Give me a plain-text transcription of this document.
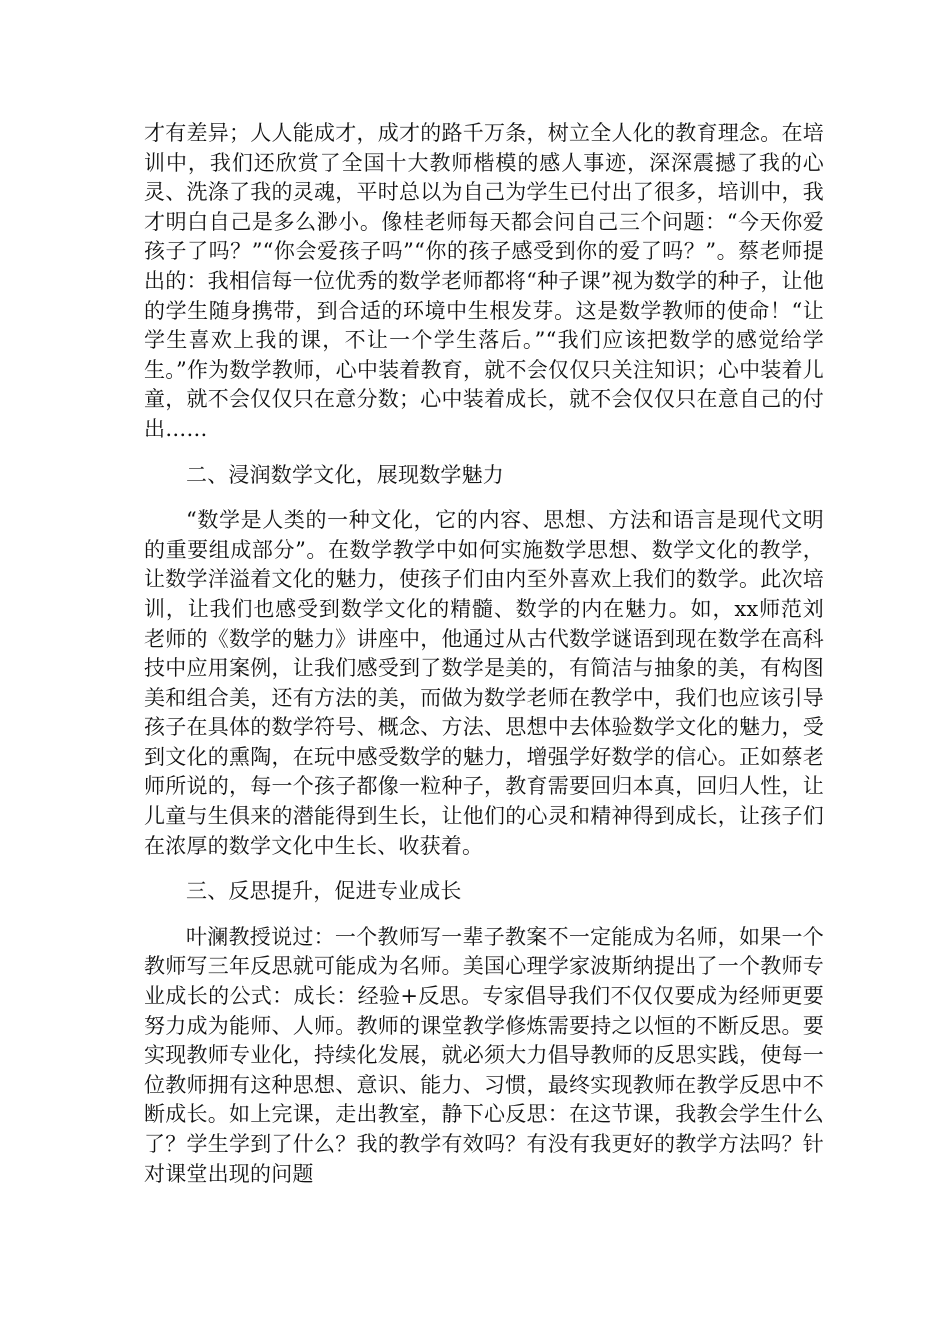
才有差异；人人能成才，成才的路千万条，树立全人化的教育理念。在培训中，我们还欣赏了全国十大教师楷模的感人事迹，深深震撼了我的心灵、洗涤了我的灵魂，平时总以为自己为学生已付出了很多，培训中，我才明白自己是多么渺小。像桂老师每天都会问自己三个问题：“今天你爱孩子了吗？”“你会爱孩子吗”“你的孩子感受到你的爱了吗？”。蔡老师提出的：我相信每一位优秀的数学老师都将“种子课”视为数学的种子，让他的学生随身携带，到合适的环境中生根发芽。这是数学教师的使命！“让学生喜欢上我的课，不让一个学生落后。”“我们应该把数学的感觉给学生。”作为数学教师，心中装着教育，就不会仅仅只关注知识；心中装着儿童，就不会仅仅只在意分数；心中装着成长，就不会仅仅只在意自己的付出……

二、浸润数学文化，展现数学魅力

“数学是人类的一种文化，它的内容、思想、方法和语言是现代文明的重要组成部分”。在数学教学中如何实施数学思想、数学文化的教学，让数学洋溢着文化的魅力，使孩子们由内至外喜欢上我们的数学。此次培训，让我们也感受到数学文化的精髓、数学的内在魅力。如，xx师范刘老师的《数学的魅力》讲座中，他通过从古代数学谜语到现在数学在高科技中应用案例，让我们感受到了数学是美的，有简洁与抽象的美，有构图美和组合美，还有方法的美，而做为数学老师在教学中，我们也应该引导孩子在具体的数学符号、概念、方法、思想中去体验数学文化的魅力，受到文化的熏陶，在玩中感受数学的魅力，增强学好数学的信心。正如蔡老师所说的，每一个孩子都像一粒种子，教育需要回归本真，回归人性，让儿童与生俱来的潜能得到生长，让他们的心灵和精神得到成长，让孩子们在浓厚的数学文化中生长、收获着。

三、反思提升，促进专业成长

叶澜教授说过：一个教师写一辈子教案不一定能成为名师，如果一个教师写三年反思就可能成为名师。美国心理学家波斯纳提出了一个教师专业成长的公式：成长：经验+反思。专家倡导我们不仅仅要成为经师更要努力成为能师、人师。教师的课堂教学修炼需要持之以恒的不断反思。要实现教师专业化，持续化发展，就必须大力倡导教师的反思实践，使每一位教师拥有这种思想、意识、能力、习惯，最终实现教师在教学反思中不断成长。如上完课，走出教室，静下心反思：在这节课，我教会学生什么了？学生学到了什么？我的教学有效吗？有没有我更好的教学方法吗？针对课堂出现的问题
